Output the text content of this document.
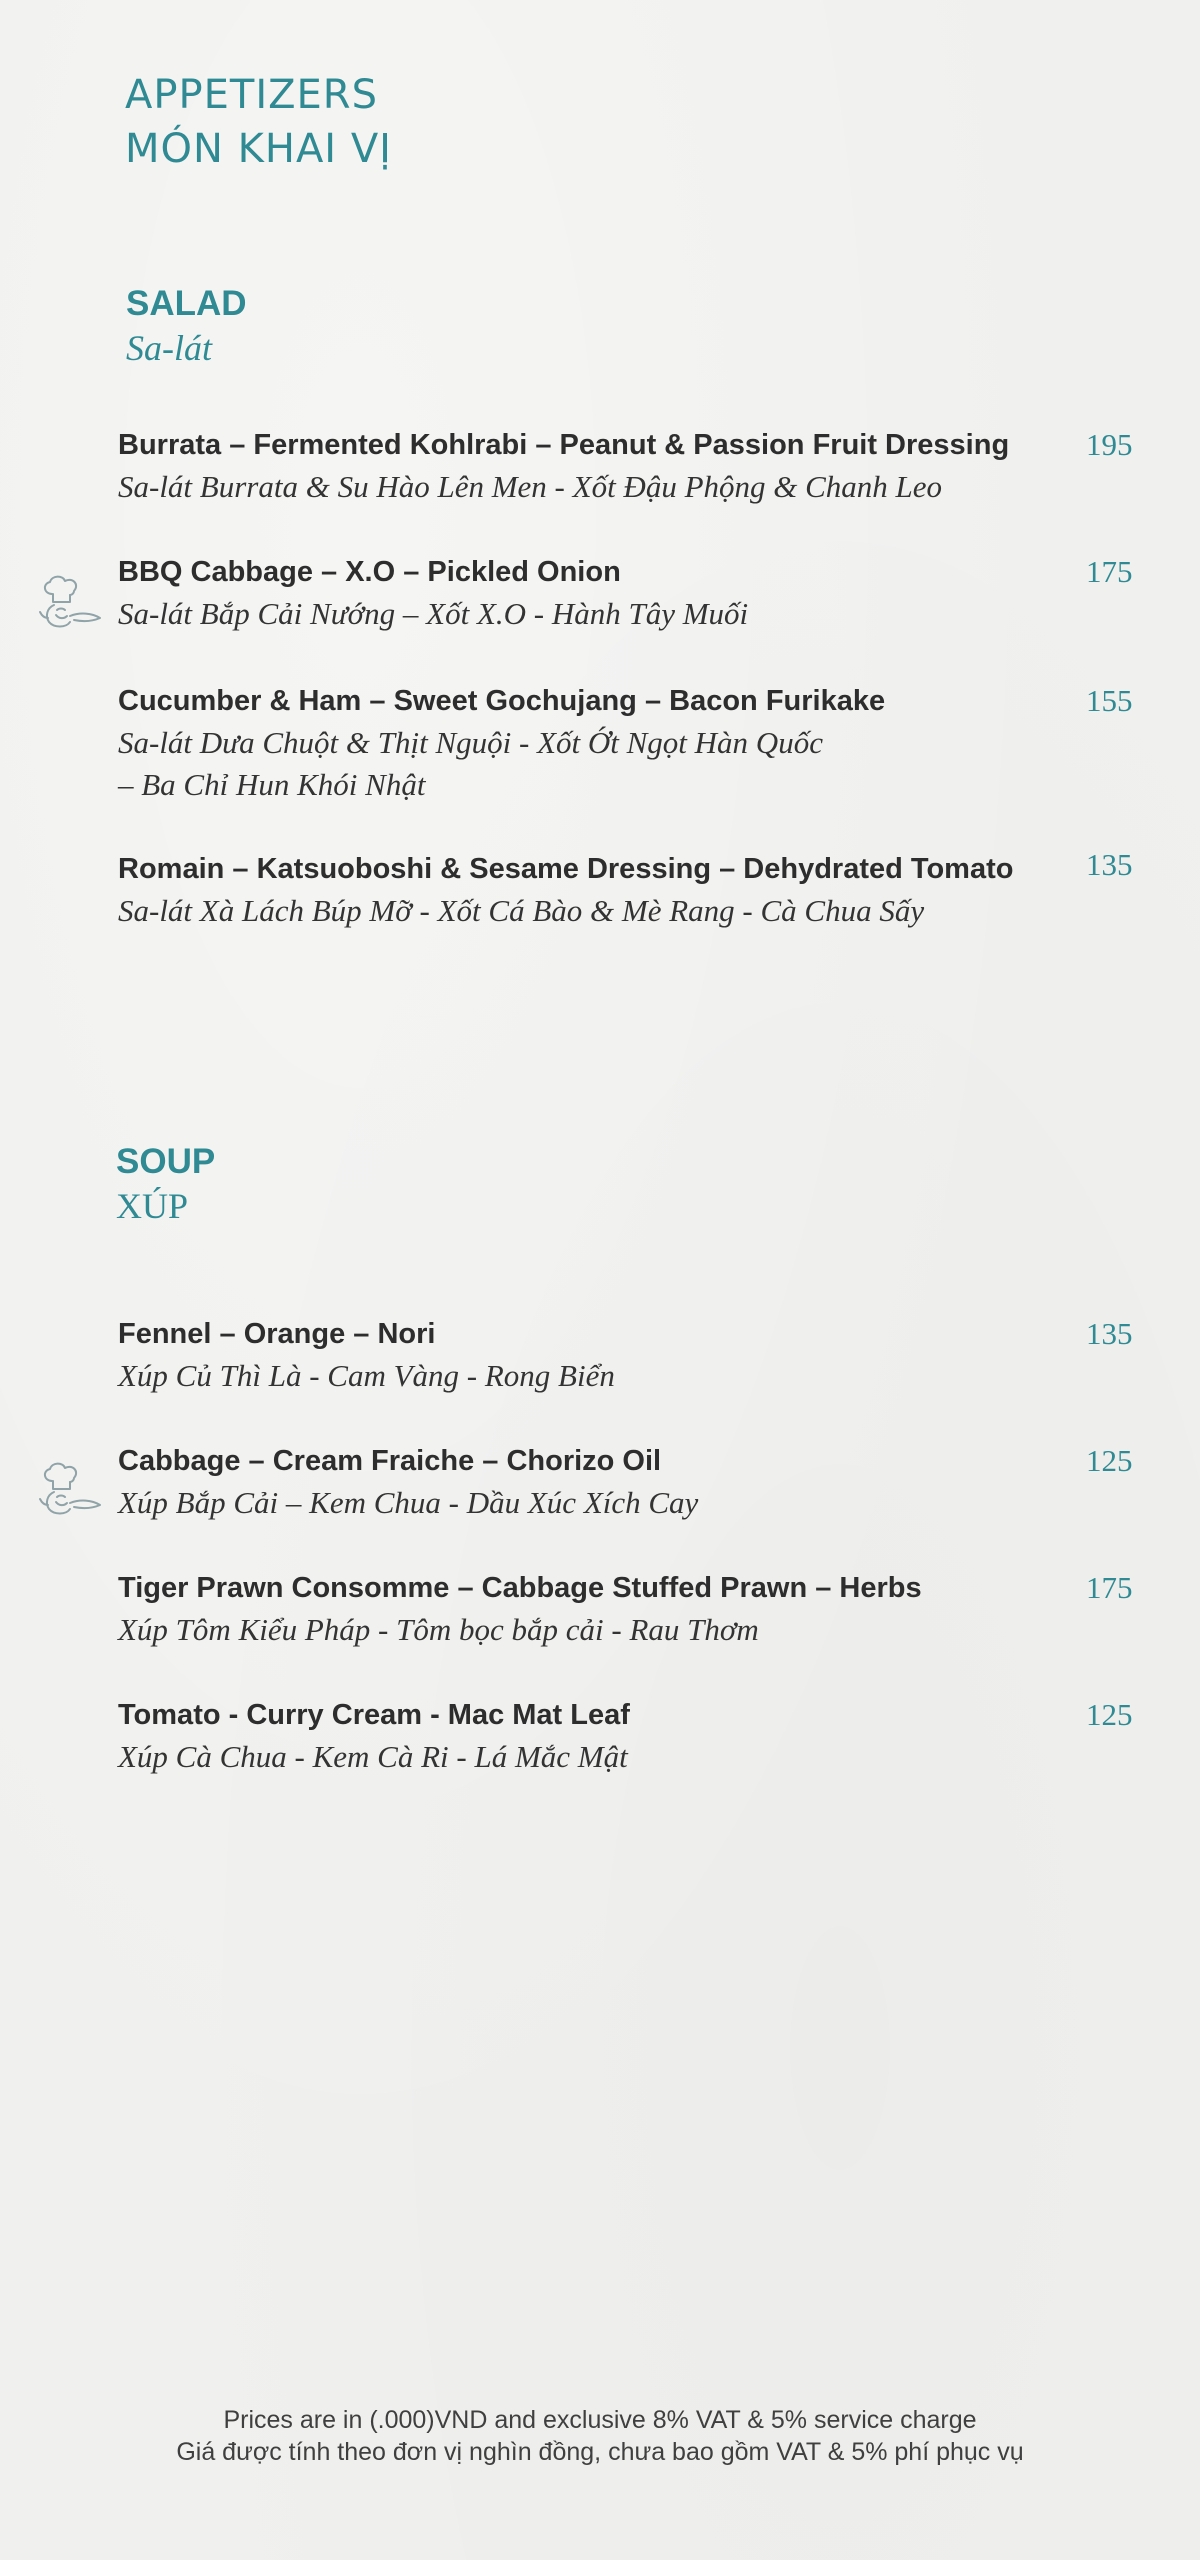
APPETIZERS
MÓN KHAI VỊ
SALAD
Sa-lát
Burrata – Fermented Kohlrabi – Peanut & Passion Fruit Dressing
Sa-lát Burrata & Su Hào Lên Men - Xốt Đậu Phộng & Chanh Leo
195
BBQ Cabbage – X.O – Pickled Onion
Sa-lát Bắp Cải Nướng – Xốt X.O - Hành Tây Muối
175
Cucumber & Ham – Sweet Gochujang – Bacon Furikake
Sa-lát Dưa Chuột & Thịt Nguội - Xốt Ớt Ngọt Hàn Quốc
– Ba Chỉ Hun Khói Nhật
155
Romain – Katsuoboshi & Sesame Dressing – Dehydrated Tomato
Sa-lát Xà Lách Búp Mỡ - Xốt Cá Bào & Mè Rang - Cà Chua Sấy
135
SOUP
XÚP
Fennel – Orange – Nori
Xúp Củ Thì Là - Cam Vàng - Rong Biển
135
Cabbage – Cream Fraiche – Chorizo Oil
Xúp Bắp Cải – Kem Chua - Dầu Xúc Xích Cay
125
Tiger Prawn Consomme – Cabbage Stuffed Prawn – Herbs
Xúp Tôm Kiểu Pháp - Tôm bọc bắp cải - Rau Thơm
175
Tomato - Curry Cream - Mac Mat Leaf
Xúp Cà Chua - Kem Cà Ri - Lá Mắc Mật
125
Prices are in (.000)VND and exclusive 8% VAT & 5% service charge
Giá được tính theo đơn vị nghìn đồng, chưa bao gồm VAT & 5% phí phục vụ
